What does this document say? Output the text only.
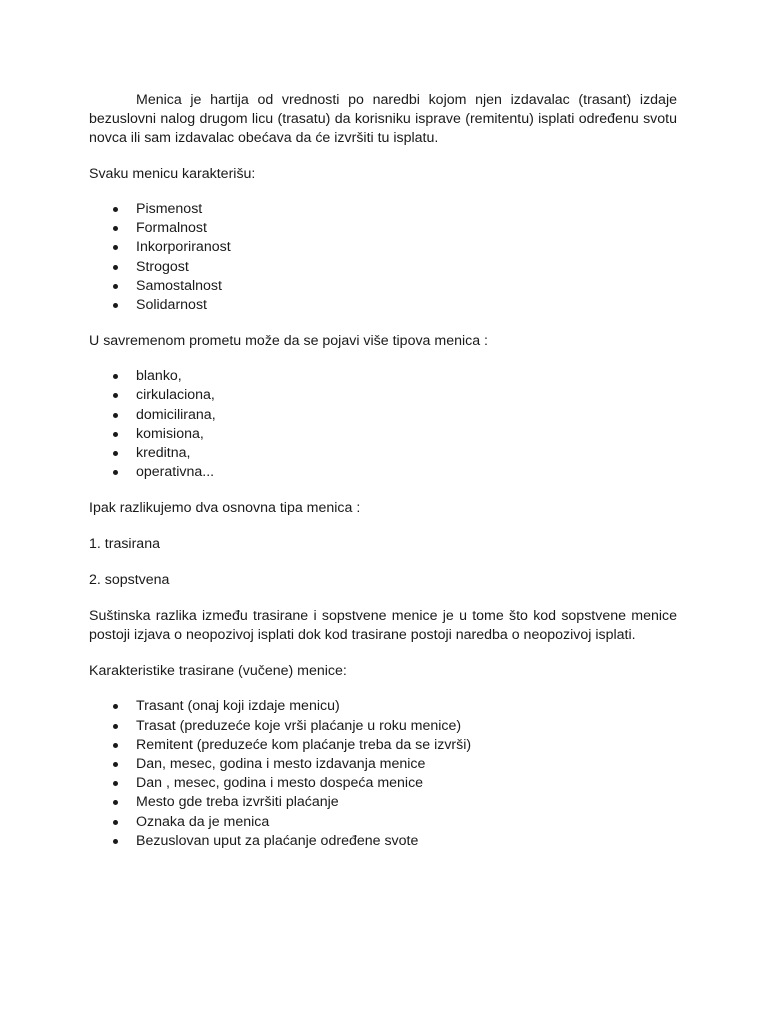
Menica je hartija od vrednosti po naredbi kojom njen izdavalac (trasant) izdaje bezuslovni nalog drugom licu (trasatu) da korisniku isprave (remitentu) isplati određenu svotu novca ili sam izdavalac obećava da će izvršiti tu isplatu.

Svaku menicu karakterišu:

Pismenost
Formalnost
Inkorporiranost
Strogost
Samostalnost
Solidarnost

U savremenom prometu može da se pojavi više tipova menica :

blanko,
cirkulaciona,
domicilirana,
komisiona,
kreditna,
operativna...

Ipak razlikujemo dva osnovna tipa menica :

1. trasirana

2. sopstvena

Suštinska razlika između trasirane i sopstvene menice je u tome što kod sopstvene menice postoji izjava o neopozivoj isplati dok kod trasirane postoji naredba o neopozivoj isplati.

Karakteristike trasirane (vučene) menice:

Trasant (onaj koji izdaje menicu)
Trasat (preduzeće koje vrši plaćanje u roku menice)
Remitent (preduzeće kom plaćanje treba da se izvrši)
Dan, mesec, godina i mesto izdavanja menice
Dan , mesec, godina i mesto dospeća menice
Mesto gde treba izvršiti plaćanje
Oznaka da je menica
Bezuslovan uput za plaćanje određene svote
